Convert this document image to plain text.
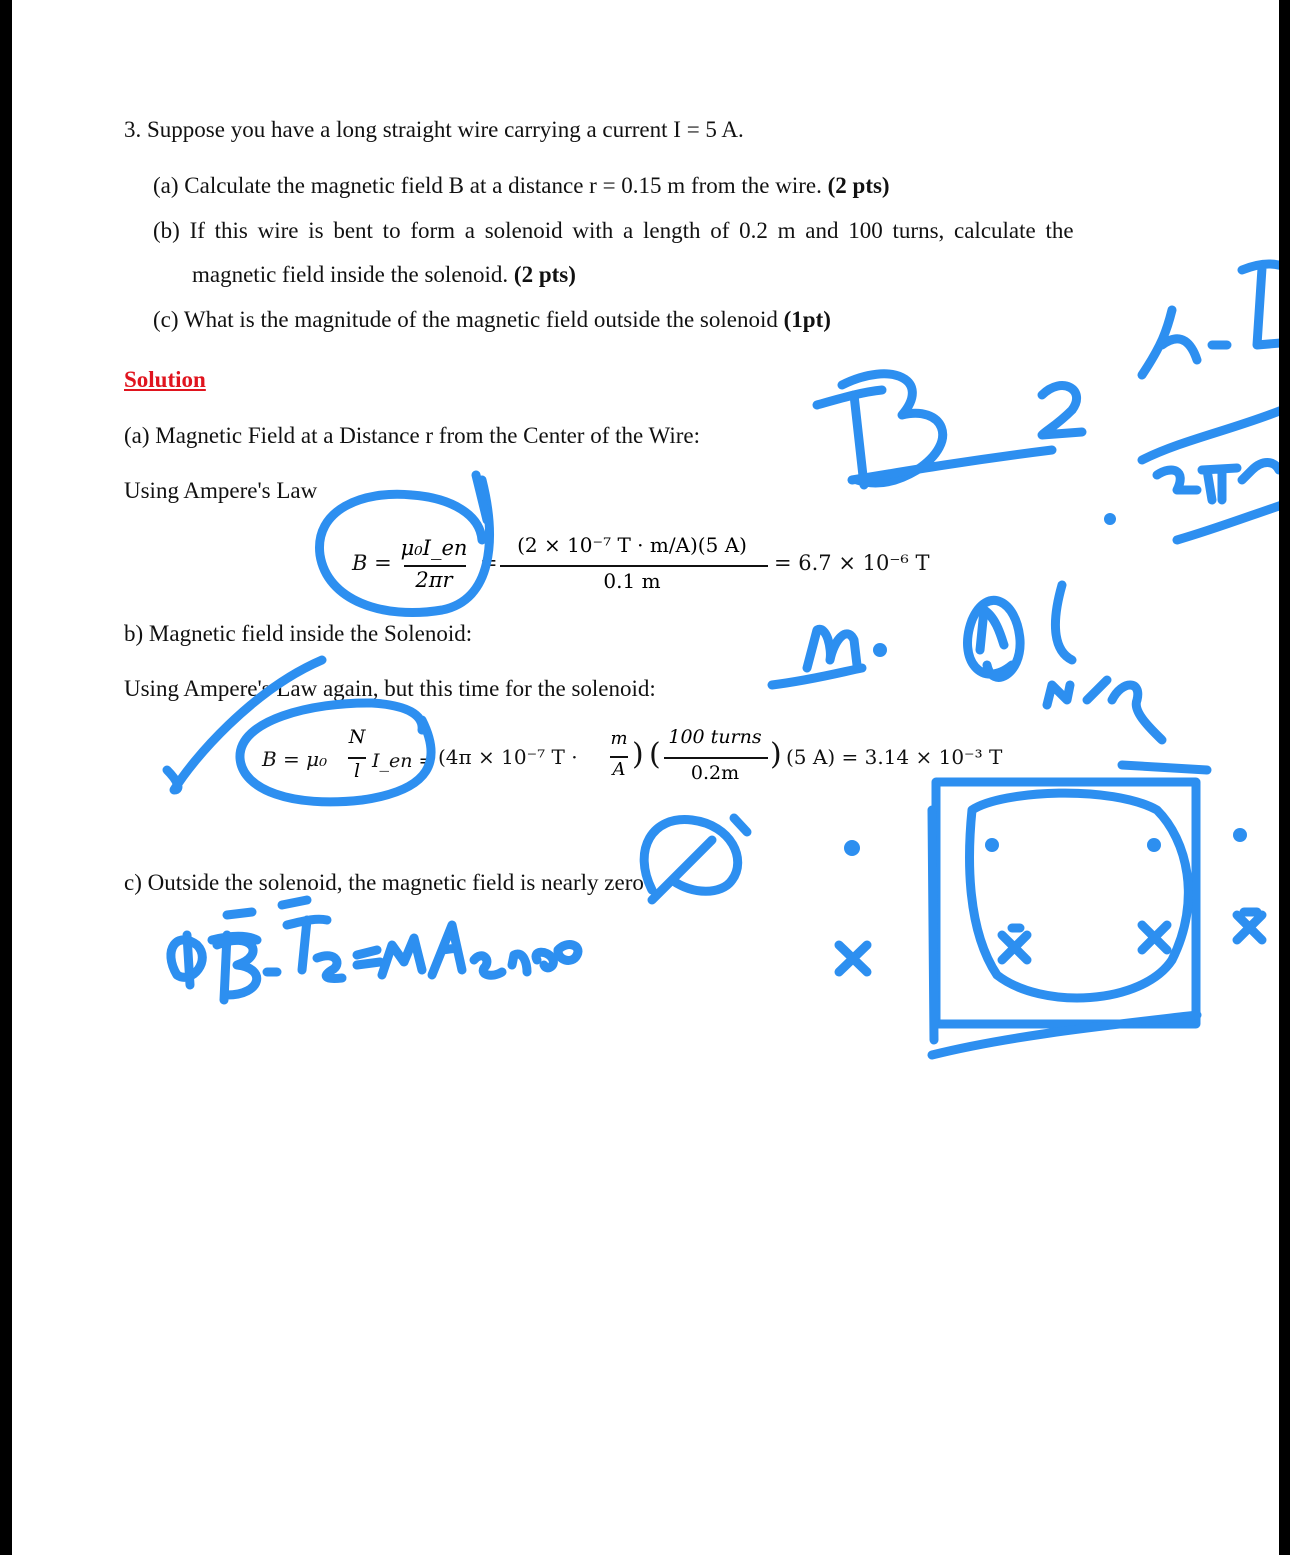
3. Suppose you have a long straight wire carrying a current I = 5 A.
(a) Calculate the magnetic field B at a distance r = 0.15 m from the wire. (2 pts)
(b) If this wire is bent to form a solenoid with a length of 0.2 m and 100 turns, calculate the
magnetic field inside the solenoid. (2 pts)
(c) What is the magnitude of the magnetic field outside the solenoid (1pt)
Solution
(a) Magnetic Field at a Distance r from the Center of the Wire:
Using Ampere's Law
B =
μ₀I_en
2πr
=
(2 × 10⁻⁷ T · m/A)(5 A)
0.1 m
= 6.7 × 10⁻⁶ T
b) Magnetic field inside the Solenoid:
Using Ampere's Law again, but this time for the solenoid:
B = μ₀
N
l I_en = (4π × 10⁻⁷ T ·
m
A ) ( 100 turns
0.2m
) (5 A) = 3.14 × 10⁻³ T
c) Outside the solenoid, the magnetic field is nearly zero
